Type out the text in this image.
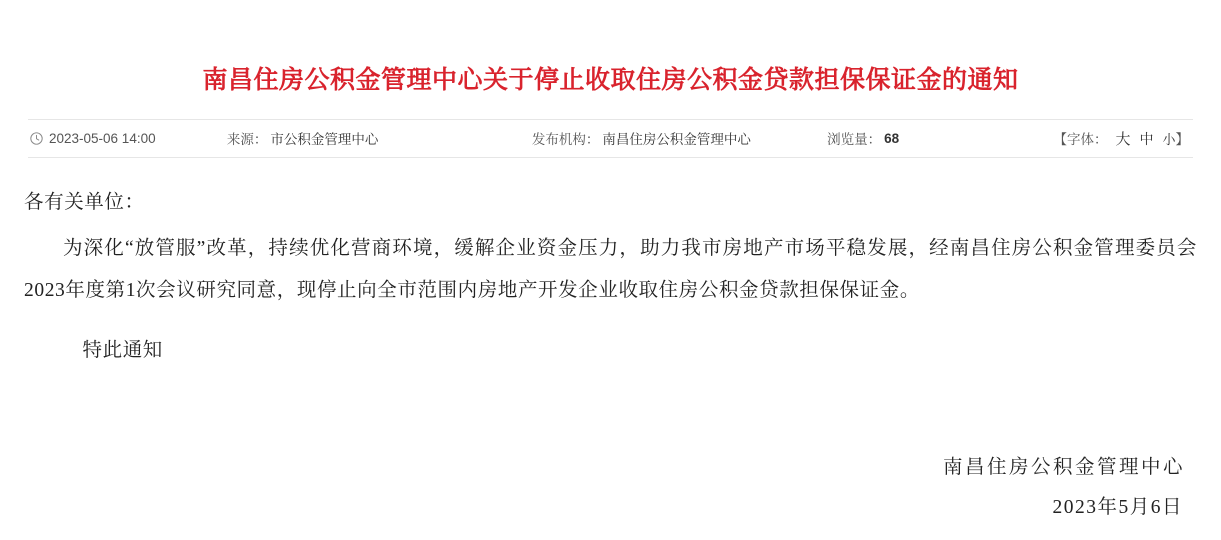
南昌住房公积金管理中心关于停止收取住房公积金贷款担保保证金的通知
2023-05-06 14:00	来源： 市公积金管理中心	发布机构： 南昌住房公积金管理中心	浏览量： 68	【字体： 大 中 小 】

各有关单位：

为深化“放管服”改革，持续优化营商环境，缓解企业资金压力，助力我市房地产市场平稳发展，经南昌住房公积金管理委员会2023年度第1次会议研究同意，现停止向全市范围内房地产开发企业收取住房公积金贷款担保保证金。

特此通知

南昌住房公积金管理中心
2023年5月6日
